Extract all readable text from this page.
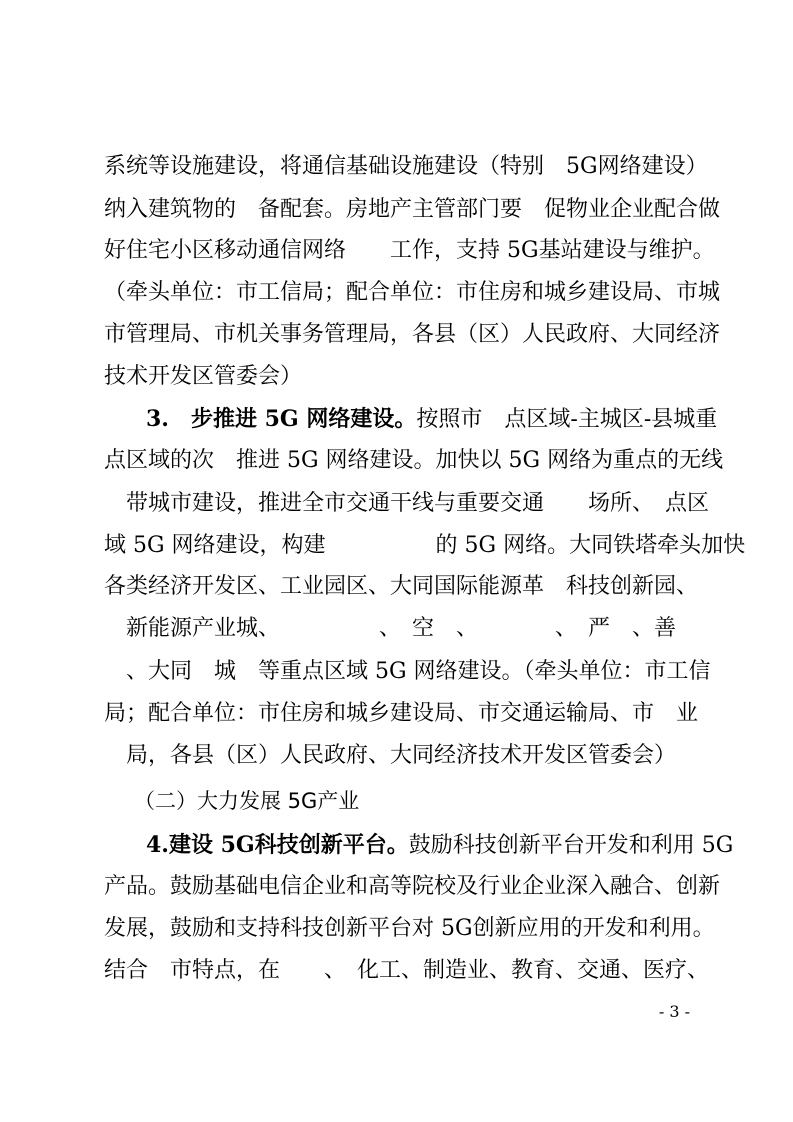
系统等设施建设，将通信基础设施建设（特别　5G网络建设）
纳入建筑物的　备配套。房地产主管部门要　促物业企业配合做
好住宅小区移动通信网络　　工作，支持 5G基站建设与维护。
（牵头单位：市工信局；配合单位：市住房和城乡建设局、市城
市管理局、市机关事务管理局，各县（区）人民政府、大同经济
技术开发区管委会）
3.　步推进 5G 网络建设。按照市　点区域-主城区-县城重
点区域的次　推进 5G 网络建设。加快以 5G 网络为重点的无线
　带城市建设，推进全市交通干线与重要交通　　场所、　点区
域 5G 网络建设，构建　　　　　的 5G 网络。大同铁塔牵头加快
各类经济开发区、工业园区、大同国际能源革　科技创新园、
　新能源产业城、　　　　　、　空　、　　　　、　严　、善
　、大同　城　等重点区域 5G 网络建设。（牵头单位：市工信
局；配合单位：市住房和城乡建设局、市交通运输局、市　业
　局，各县（区）人民政府、大同经济技术开发区管委会）
（二）大力发展 5G产业
4.建设 5G科技创新平台。鼓励科技创新平台开发和利用 5G
产品。鼓励基础电信企业和高等院校及行业企业深入融合、创新
发展，鼓励和支持科技创新平台对 5G创新应用的开发和利用。
结合　市特点，在　　、　化工、制造业、教育、交通、医疗、
- 3 -
